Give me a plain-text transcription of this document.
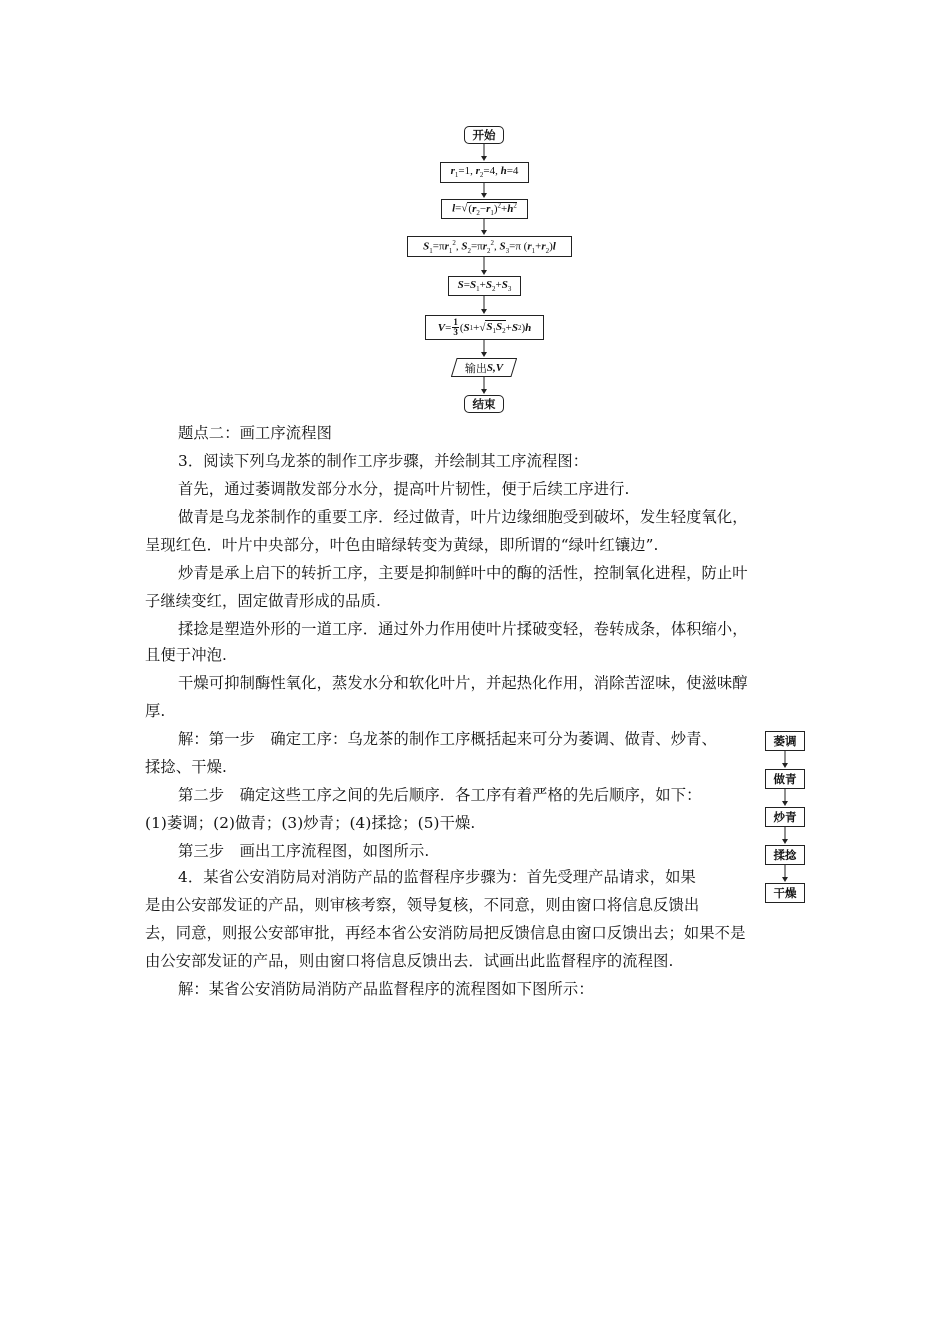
开始
$r_1=1$, $r_2=4$, h=4
$l=√(r_2-r_1)^2+h^2$
$S_1=\pi r_1^2$, $S_2=\pi r_2^2$, $S_3=\pi$ $(r_1+r_2)l$
$S=S_1+S_2+S_3$
$V = \frac{1}{3}$ ( S 1 +√ $S_1S_2 + S$ 2 ) h
输出 S,V
结束
题点二：画工序流程图
3．阅读下列乌龙茶的制作工序步骤，并绘制其工序流程图：
首先，通过萎调散发部分水分，提高叶片韧性，便于后续工序进行.
做青是乌龙茶制作的重要工序．经过做青，叶片边缘细胞受到破坏，发生轻度氧化，
呈现红色．叶片中央部分，叶色由暗绿转变为黄绿，即所谓的“绿叶红镶边”.
炒青是承上启下的转折工序，主要是抑制鲜叶中的酶的活性，控制氧化进程，防止叶
子继续变红，固定做青形成的品质.
揉捻是塑造外形的一道工序．通过外力作用使叶片揉破变轻，卷转成条，体积缩小，
且便于冲泡.
干燥可抑制酶性氧化，蒸发水分和软化叶片，并起热化作用，消除苦涩味，使滋味醇
厚.
解：第一步　确定工序：乌龙茶的制作工序概括起来可分为萎调、做青、炒青、
揉捻、干燥.
第二步　确定这些工序之间的先后顺序．各工序有着严格的先后顺序，如下：
(1)萎调；(2)做青；(3)炒青；(4)揉捻；(5)干燥.
第三步　画出工序流程图，如图所示.
4．某省公安消防局对消防产品的监督程序步骤为：首先受理产品请求，如果
是由公安部发证的产品，则审核考察，领导复核，不同意，则由窗口将信息反馈出
去，同意，则报公安部审批，再经本省公安消防局把反馈信息由窗口反馈出去；如果不是
由公安部发证的产品，则由窗口将信息反馈出去．试画出此监督程序的流程图.
解：某省公安消防局消防产品监督程序的流程图如下图所示：
萎调
做青
炒青
揉捻
干燥
